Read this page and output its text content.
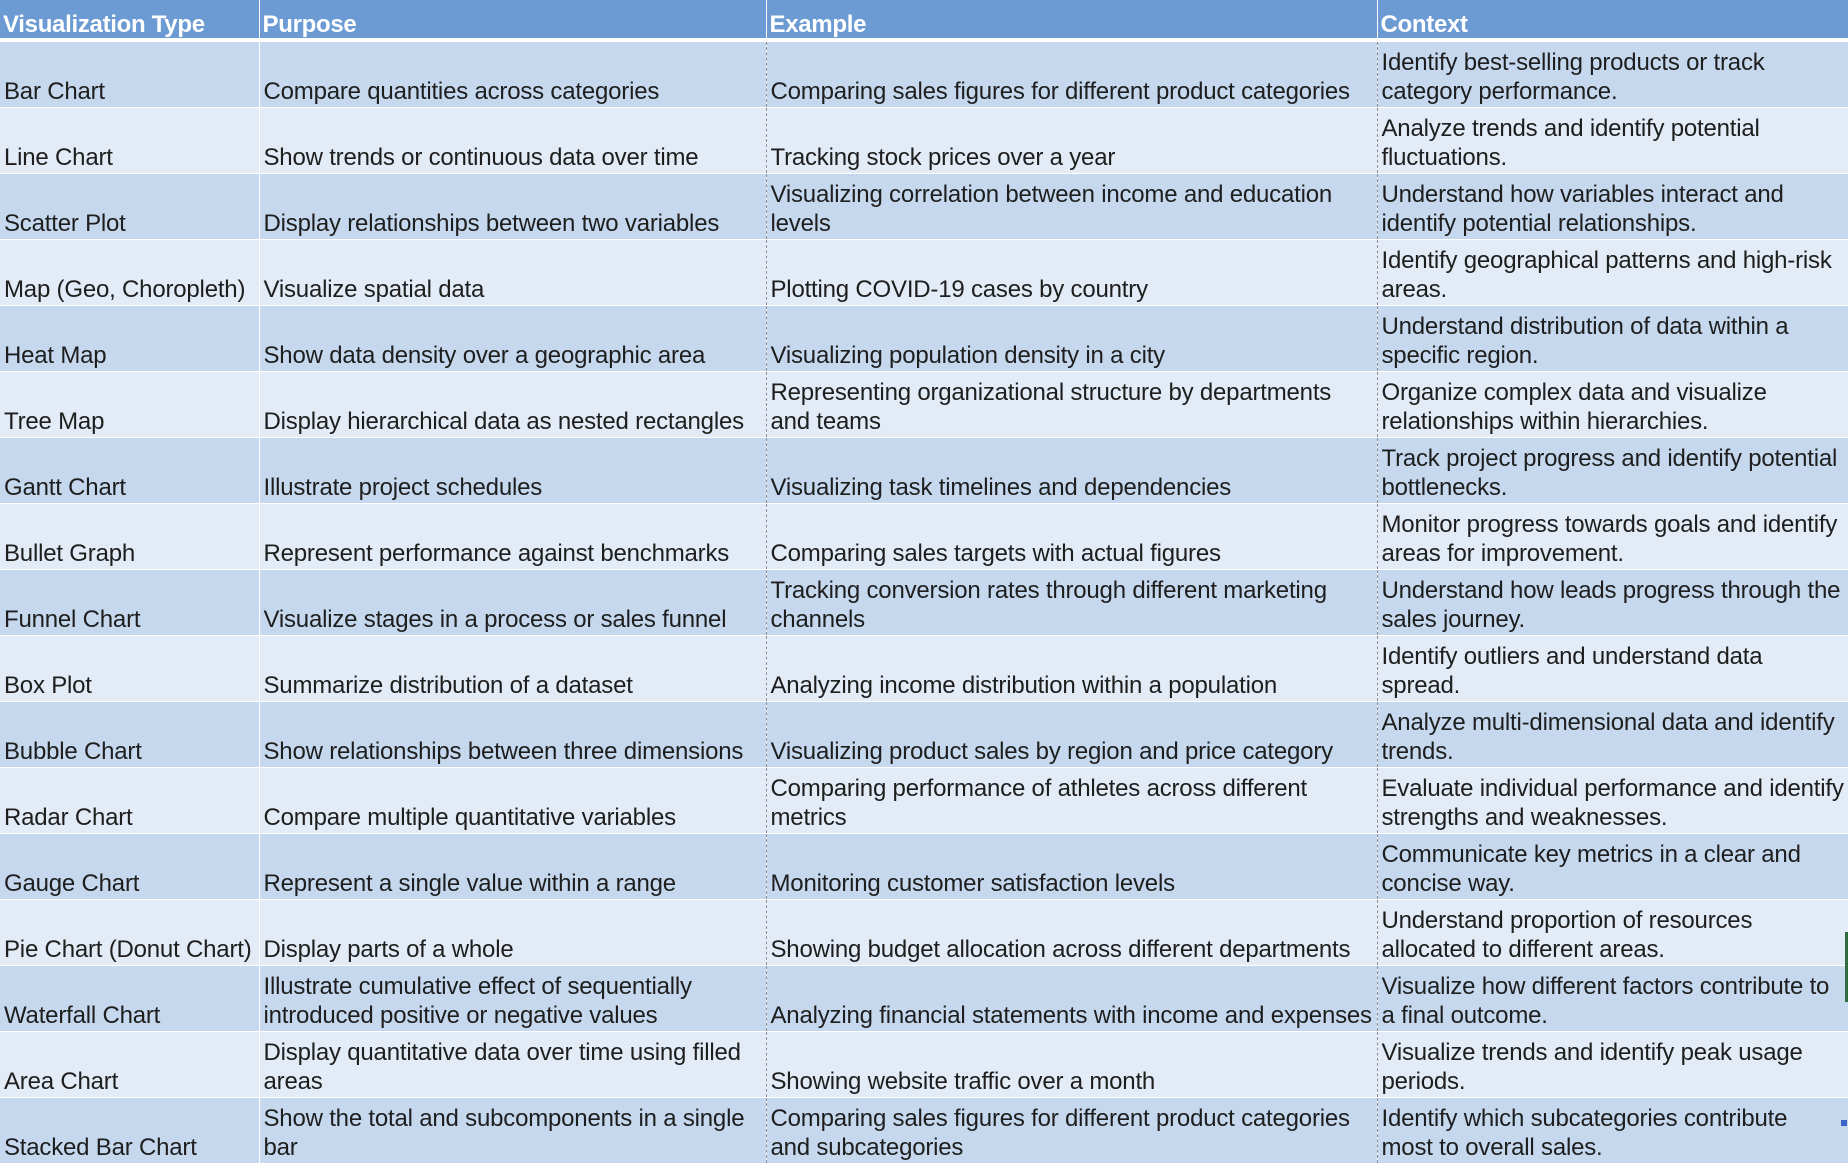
Visualization Type	Purpose	Example	Context
Bar Chart	Compare quantities across categories	Comparing sales figures for different product categories	Identify best-selling products or track category performance.
Line Chart	Show trends or continuous data over time	Tracking stock prices over a year	Analyze trends and identify potential fluctuations.
Scatter Plot	Display relationships between two variables	Visualizing correlation between income and education levels	Understand how variables interact and identify potential relationships.
Map (Geo, Choropleth)	Visualize spatial data	Plotting COVID-19 cases by country	Identify geographical patterns and high-risk areas.
Heat Map	Show data density over a geographic area	Visualizing population density in a city	Understand distribution of data within a specific region.
Tree Map	Display hierarchical data as nested rectangles	Representing organizational structure by departments and teams	Organize complex data and visualize relationships within hierarchies.
Gantt Chart	Illustrate project schedules	Visualizing task timelines and dependencies	Track project progress and identify potential bottlenecks.
Bullet Graph	Represent performance against benchmarks	Comparing sales targets with actual figures	Monitor progress towards goals and identify areas for improvement.
Funnel Chart	Visualize stages in a process or sales funnel	Tracking conversion rates through different marketing channels	Understand how leads progress through the sales journey.
Box Plot	Summarize distribution of a dataset	Analyzing income distribution within a population	Identify outliers and understand data spread.
Bubble Chart	Show relationships between three dimensions	Visualizing product sales by region and price category	Analyze multi-dimensional data and identify trends.
Radar Chart	Compare multiple quantitative variables	Comparing performance of athletes across different metrics	Evaluate individual performance and identify strengths and weaknesses.
Gauge Chart	Represent a single value within a range	Monitoring customer satisfaction levels	Communicate key metrics in a clear and concise way.
Pie Chart (Donut Chart)	Display parts of a whole	Showing budget allocation across different departments	Understand proportion of resources allocated to different areas.
Waterfall Chart	Illustrate cumulative effect of sequentially introduced positive or negative values	Analyzing financial statements with income and expenses	Visualize how different factors contribute to a final outcome.
Area Chart	Display quantitative data over time using filled areas	Showing website traffic over a month	Visualize trends and identify peak usage periods.
Stacked Bar Chart	Show the total and subcomponents in a single bar	Comparing sales figures for different product categories and subcategories	Identify which subcategories contribute most to overall sales.
